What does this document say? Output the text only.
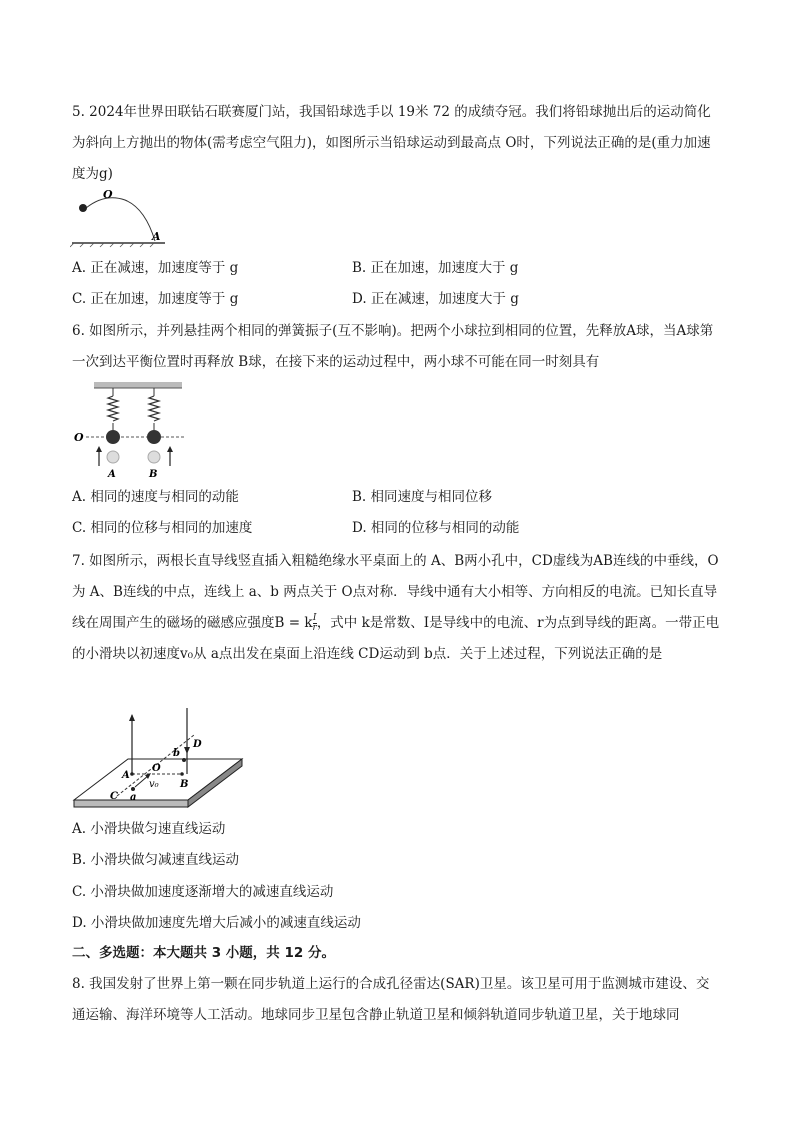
5. 2024年世界田联钻石联赛厦门站，我国铅球选手以 19米 72 的成绩夺冠。我们将铅球抛出后的运动简化为斜向上方抛出的物体(需考虑空气阻力)，如图所示当铅球运动到最高点 O时，下列说法正确的是(重力加速度为g)
O
A
A. 正在减速，加速度等于 g	B. 正在加速，加速度大于 g
C. 正在加速，加速度等于 g	D. 正在减速，加速度大于 g
6. 如图所示，并列悬挂两个相同的弹簧振子(互不影响)。把两个小球拉到相同的位置，先释放A球，当A球第一次到达平衡位置时再释放 B球，在接下来的运动过程中，两小球不可能在同一时刻具有
O
A	B
A. 相同的速度与相同的动能	B. 相同速度与相同位移
C. 相同的位移与相同的加速度	D. 相同的位移与相同的动能
7. 如图所示，两根长直导线竖直插入粗糙绝缘水平桌面上的 A、B两小孔中，CD虚线为AB连线的中垂线，O为 A、B连线的中点，连线上 a、b 两点关于 O点对称．导线中通有大小相等、方向相反的电流。已知长直导线在周围产生的磁场的磁感应强度B = k $\frac{I}{r}$ ，式中 k是常数、I是导线中的电流、r为点到导线的距离。一带正电的小滑块以初速度v₀从 a点出发在桌面上沿连线 CD运动到 b点．关于上述过程，下列说法正确的是
A
B
O
C
D
a
b
v₀
A. 小滑块做匀速直线运动
B. 小滑块做匀减速直线运动
C. 小滑块做加速度逐渐增大的减速直线运动
D. 小滑块做加速度先增大后减小的减速直线运动
二、多选题：本大题共 3 小题，共 12 分。
8. 我国发射了世界上第一颗在同步轨道上运行的合成孔径雷达(SAR)卫星。该卫星可用于监测城市建设、交通运输、海洋环境等人工活动。地球同步卫星包含静止轨道卫星和倾斜轨道同步轨道卫星，关于地球同
